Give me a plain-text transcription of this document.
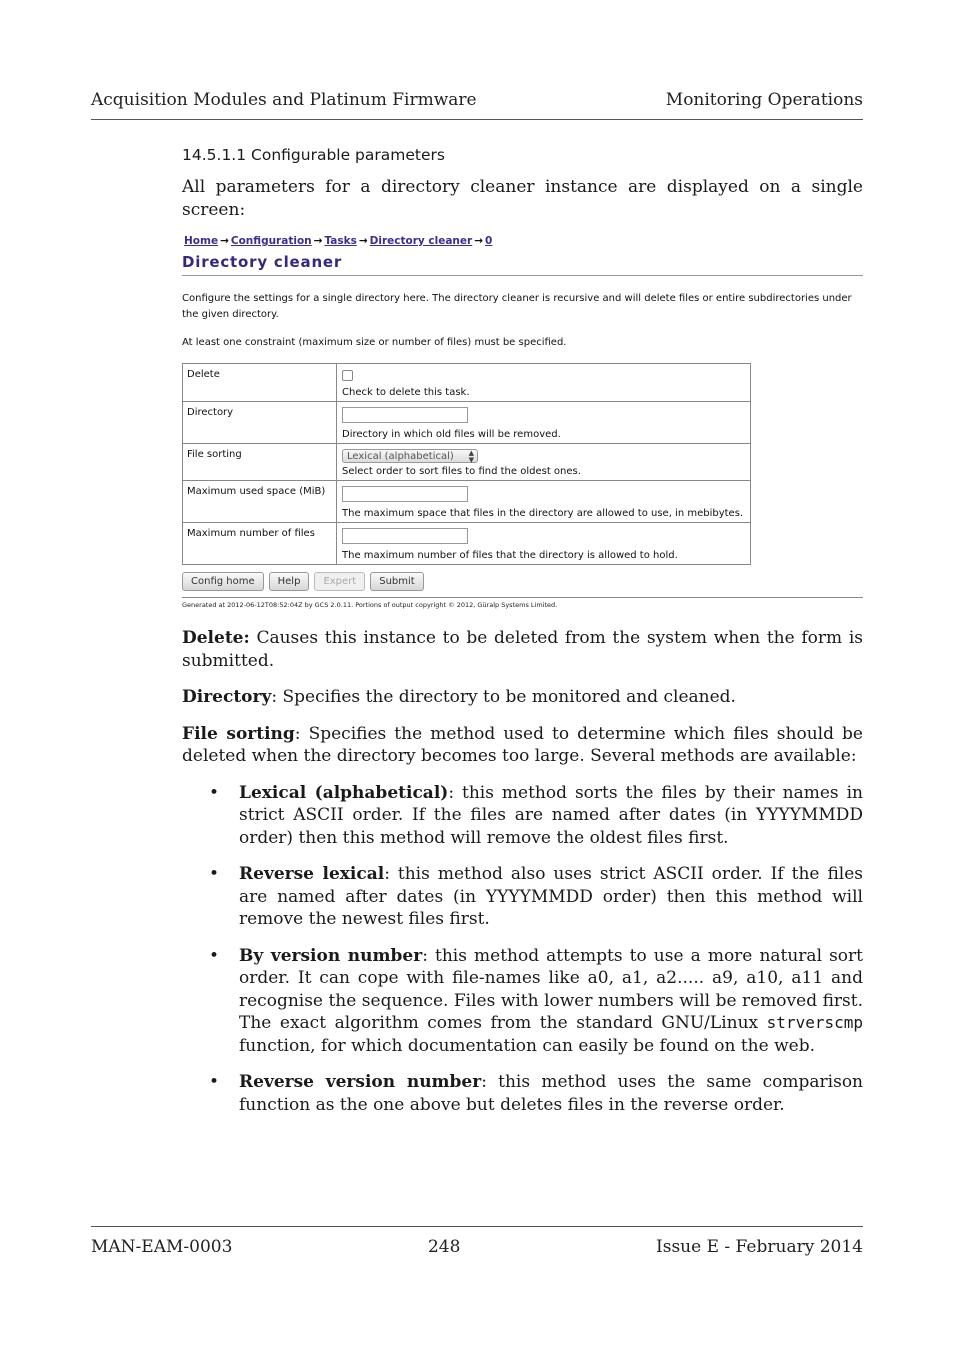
Acquisition Modules and Platinum Firmware	Monitoring Operations
14.5.1.1 Configurable parameters

All parameters for a directory cleaner instance are displayed on a single screen:

Home → Configuration → Tasks → Directory cleaner → 0
Directory cleaner

Configure the settings for a single directory here. The directory cleaner is recursive and will delete files or entire subdirectories under the given directory.

At least one constraint (maximum size or number of files) must be specified.

Delete	Check to delete this task.

Directory	Directory in which old files will be removed.

File sorting	Lexical (alphabetical) ▲
▼
Select order to sort files to find the oldest ones.

Maximum used space (MiB)	The maximum space that files in the directory are allowed to use, in mebibytes.

Maximum number of files	The maximum number of files that the directory is allowed to hold.
Config home	Help	Expert	Submit
Generated at 2012-06-12T08:52:04Z by GCS 2.0.11. Portions of output copyright © 2012, Güralp Systems Limited.

Delete: Causes this instance to be deleted from the system when the form is submitted.

Directory: Specifies the directory to be monitored and cleaned.

File sorting: Specifies the method used to determine which files should be deleted when the directory becomes too large. Several methods are available:

• Lexical (alphabetical): this method sorts the files by their names in strict ASCII order. If the files are named after dates (in YYYYMMDD order) then this method will remove the oldest files first.
• Reverse lexical: this method also uses strict ASCII order. If the files are named after dates (in YYYYMMDD order) then this method will remove the newest files first.
• By version number: this method attempts to use a more natural sort order. It can cope with file-names like a0, a1, a2..... a9, a10, a11 and recognise the sequence. Files with lower numbers will be removed first. The exact algorithm comes from the standard GNU/Linux strverscmp function, for which documentation can easily be found on the web.
• Reverse version number: this method uses the same comparison function as the one above but deletes files in the reverse order.
MAN-EAM-0003	248	Issue E - February 2014
